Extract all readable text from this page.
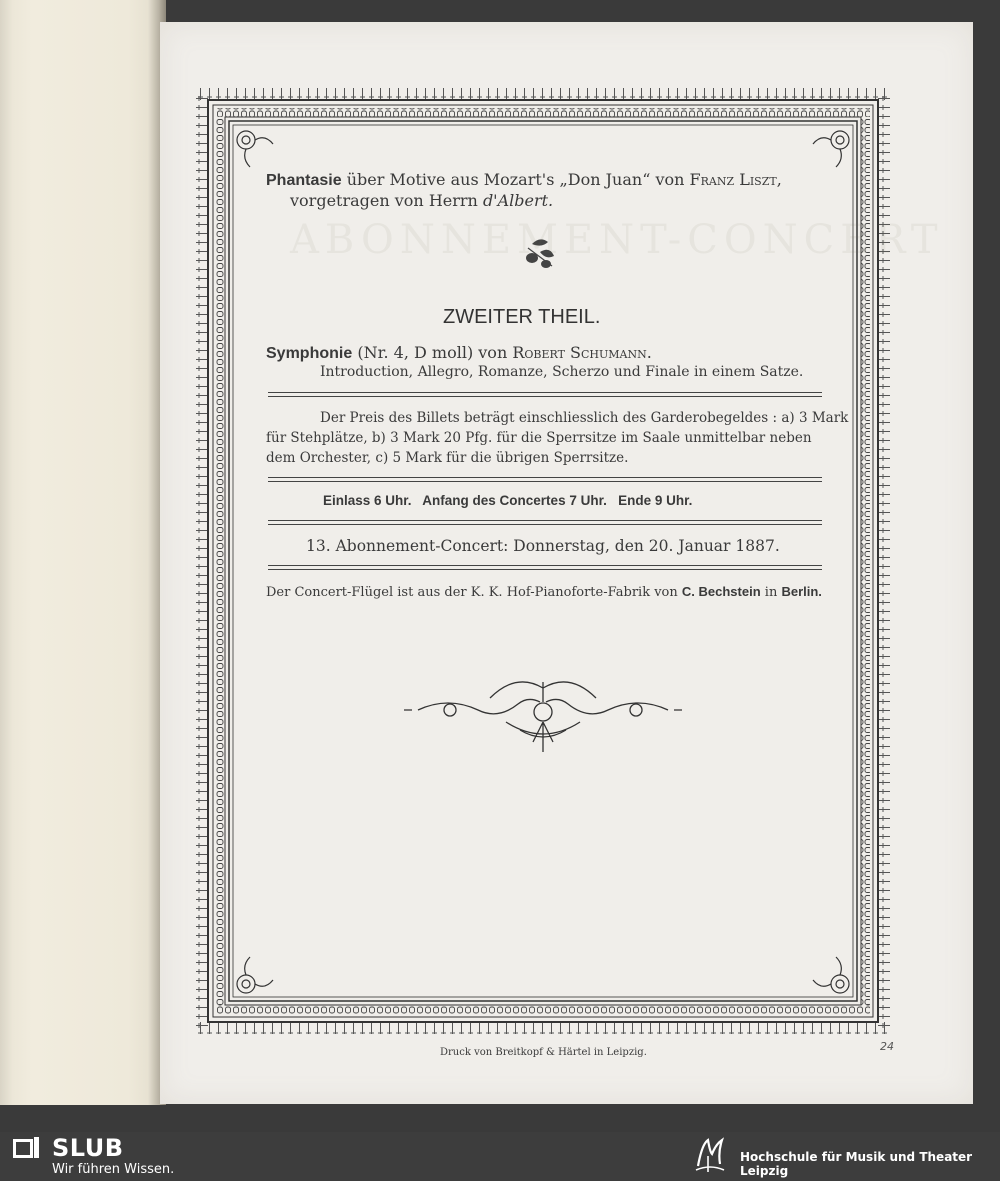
ABONNEMENT-CONCERT
Phantasie über Motive aus Mozart's „Don Juan“ von Franz Liszt,
vorgetragen von Herrn d'Albert.
ZWEITER THEIL.
Symphonie (Nr. 4, D moll) von Robert Schumann.
Introduction, Allegro, Romanze, Scherzo und Finale in einem Satze.
Der Preis des Billets beträgt einschliesslich des Garderobegeldes : a) 3 Mark
für Stehplätze, b) 3 Mark 20 Pfg. für die Sperrsitze im Saale unmittelbar neben
dem Orchester, c) 5 Mark für die übrigen Sperrsitze.
Einlass 6 Uhr.   Anfang des Concertes 7 Uhr.   Ende 9 Uhr.
13. Abonnement-Concert: Donnerstag, den 20. Januar 1887.
Der Concert-Flügel ist aus der K. K. Hof-Pianoforte-Fabrik von C. Bechstein in Berlin.
Druck von Breitkopf & Härtel in Leipzig.	24
SLUB
Wir führen Wissen.
Hochschule für Musik und Theater Leipzig
